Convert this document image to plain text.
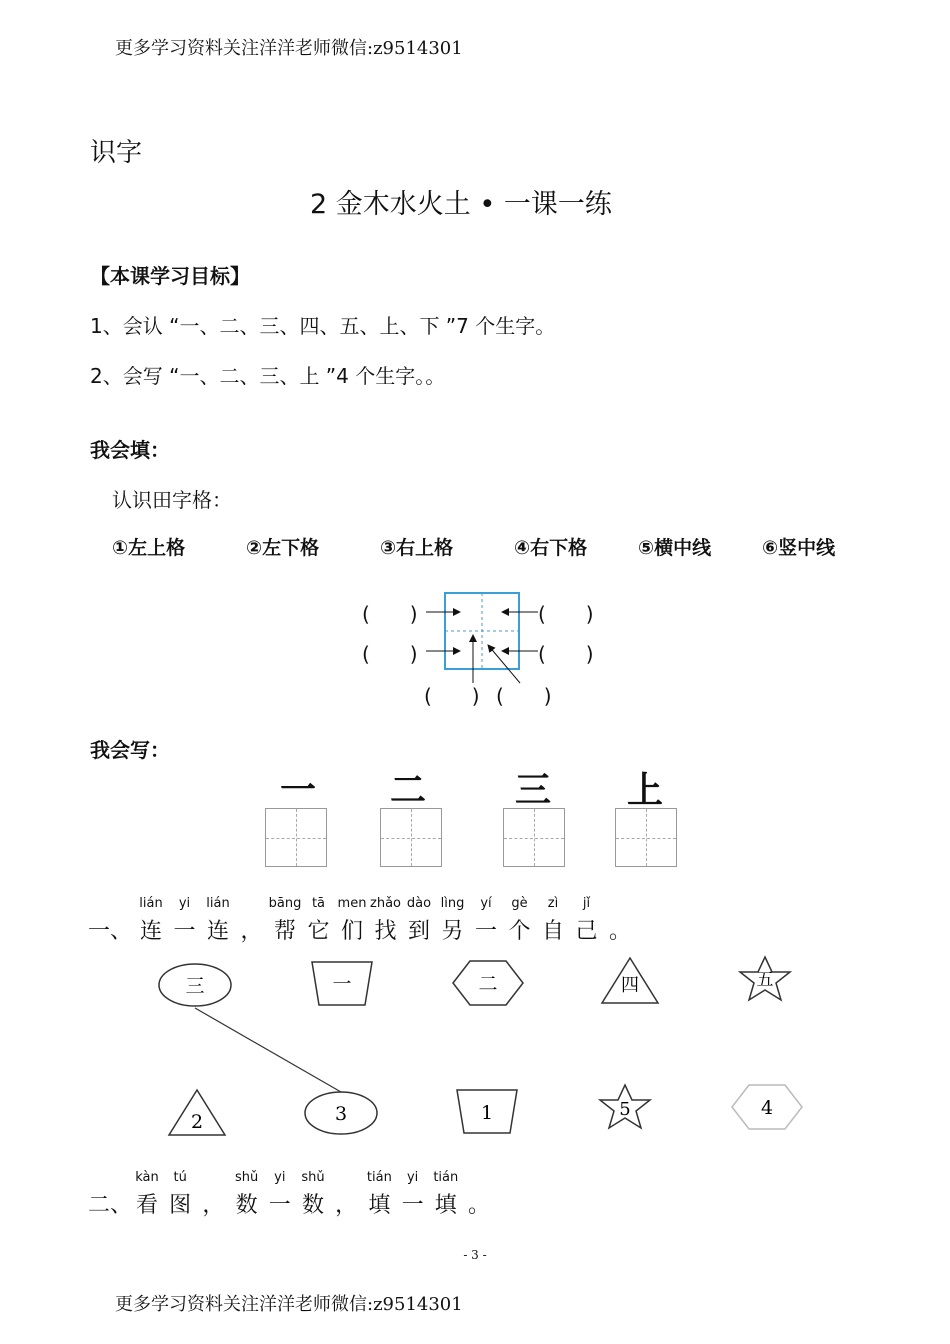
更多学习资料关注洋洋老师微信:z9514301
识字
2 金木水火土 • 一课一练
【本课学习目标】
1、会认 “一、二、三、四、五、上、下 ”7 个生字。
2、会写 “一、二、三、上 ”4 个生字。。
我会填：
认识田字格：
①左上格	②左下格	③右上格	④右下格	⑤横中线	⑥竖中线
(　　)
(　　)
(　　)
(　　)
(　　) (　　)
我会写：
一 二 三 上
一、
lián
连
yi
一
lián
连 ，
bāng
帮
tā
它
men
们
zhǎo
找
dào
到
lìng
另
yí
一
gè
个
zì
自
jǐ
己 。
三	一	二	四	五
2	3	1	5	4
二、
kàn
看
tú
图 ，
shǔ
数
yi
一
shǔ
数 ，
tián
填
yi
一
tián
填 。
- 3 -
更多学习资料关注洋洋老师微信:z9514301
